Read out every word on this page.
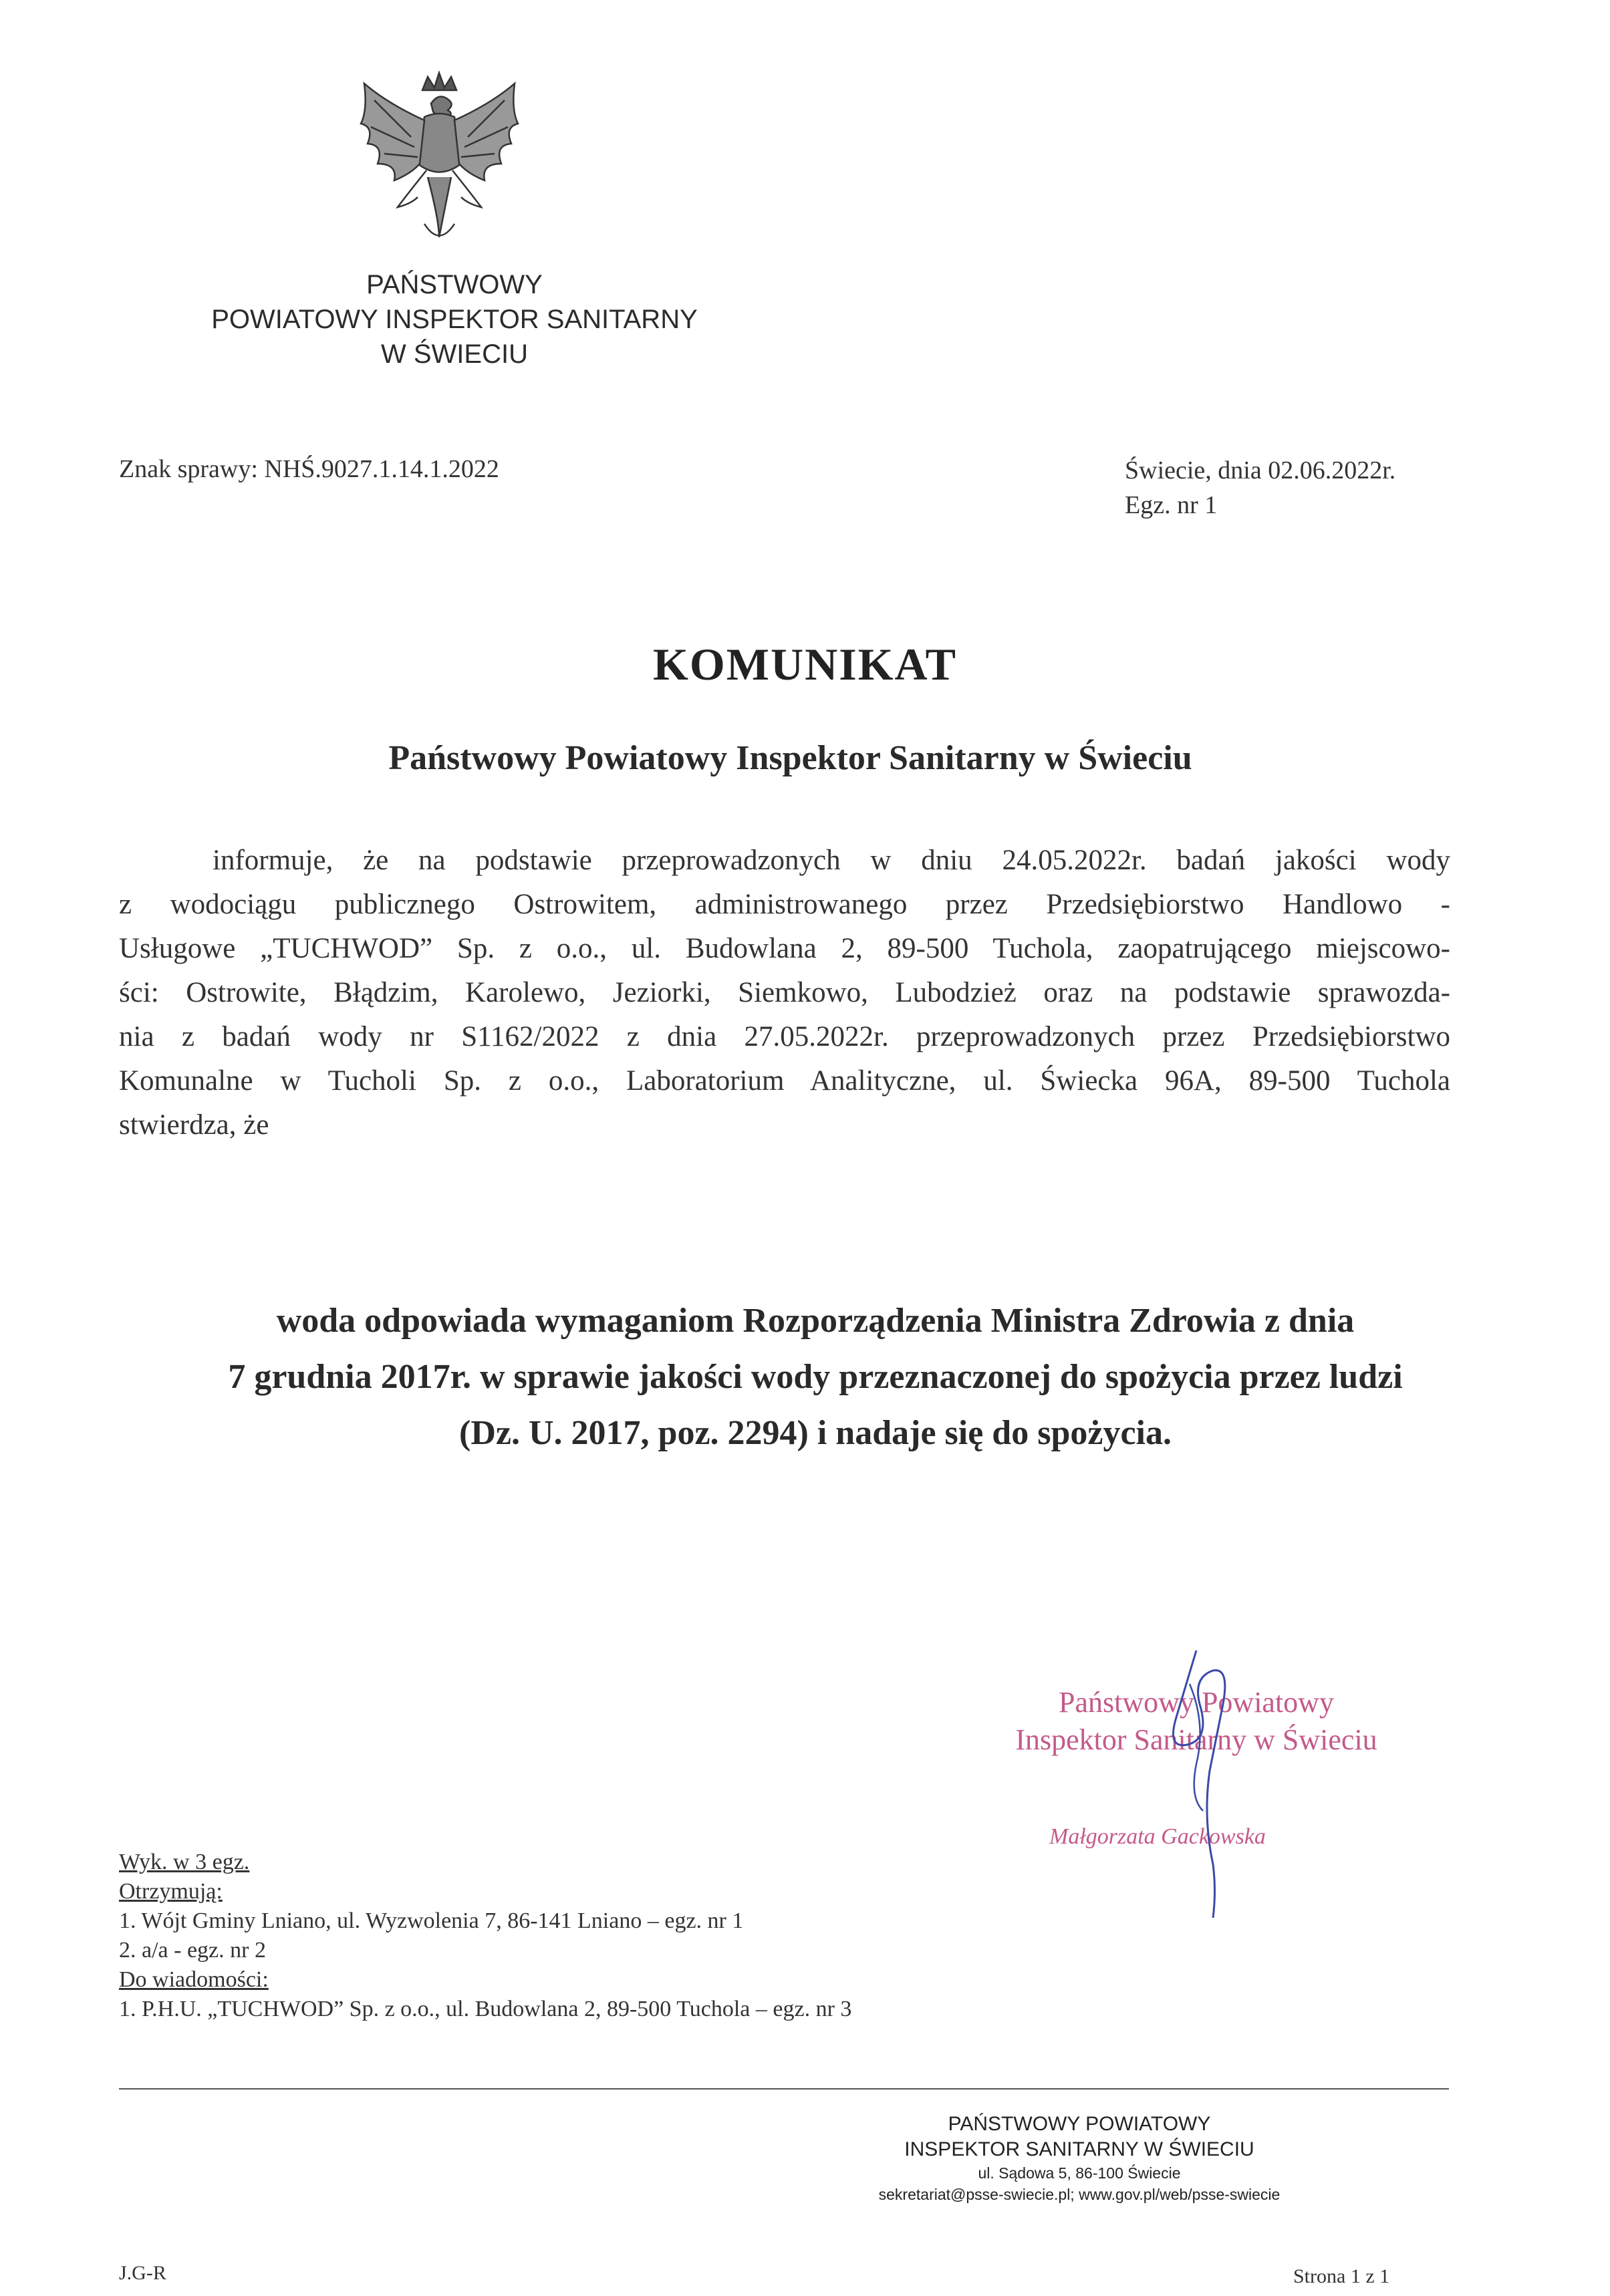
PAŃSTWOWY
POWIATOWY INSPEKTOR SANITARNY
W ŚWIECIU
Znak sprawy: NHŚ.9027.1.14.1.2022	Świecie, dnia 02.06.2022r.
Egz. nr 1
KOMUNIKAT
Państwowy Powiatowy Inspektor Sanitarny w Świeciu
informuje, że na podstawie przeprowadzonych w dniu 24.05.2022r. badań jakości wody
z wodociągu publicznego Ostrowitem, administrowanego przez Przedsiębiorstwo Handlowo -
Usługowe „TUCHWOD” Sp. z o.o., ul. Budowlana 2, 89-500 Tuchola, zaopatrującego miejscowo-
ści: Ostrowite, Błądzim, Karolewo, Jeziorki, Siemkowo, Lubodzież oraz na podstawie sprawozda-
nia z badań wody nr S1162/2022 z dnia 27.05.2022r. przeprowadzonych przez Przedsiębiorstwo
Komunalne w Tucholi Sp. z o.o., Laboratorium Analityczne, ul. Świecka 96A, 89-500 Tuchola
stwierdza, że
woda odpowiada wymaganiom Rozporządzenia Ministra Zdrowia z dnia
7 grudnia 2017r. w sprawie jakości wody przeznaczonej do spożycia przez ludzi
(Dz. U. 2017, poz. 2294) i nadaje się do spożycia.
Państwowy Powiatowy
Inspektor Sanitarny w Świeciu
Małgorzata Gackowska
Wyk. w 3 egz.
Otrzymują:
1. Wójt Gminy Lniano, ul. Wyzwolenia 7, 86-141 Lniano – egz. nr 1
2. a/a - egz. nr 2
Do wiadomości:
1. P.H.U. „TUCHWOD” Sp. z o.o., ul. Budowlana 2, 89-500 Tuchola – egz. nr 3
PAŃSTWOWY POWIATOWY
INSPEKTOR SANITARNY W ŚWIECIU
ul. Sądowa 5, 86-100 Świecie
sekretariat@psse-swiecie.pl; www.gov.pl/web/psse-swiecie
J.G-R	Strona 1 z 1
